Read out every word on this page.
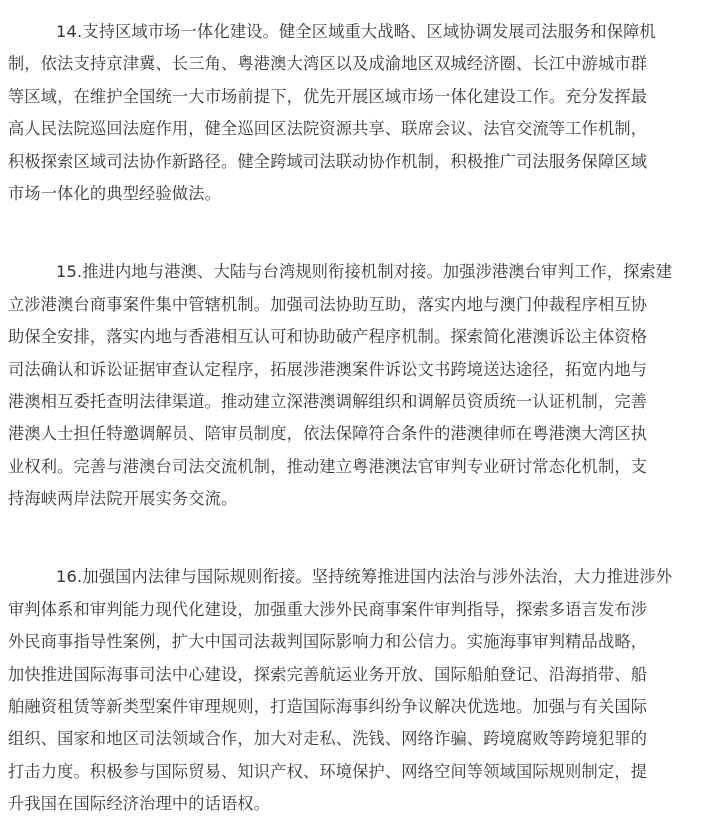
14.支持区域市场一体化建设。健全区域重大战略、区域协调发展司法服务和保障机
制，依法支持京津冀、长三角、粤港澳大湾区以及成渝地区双城经济圈、长江中游城市群
等区域，在维护全国统一大市场前提下，优先开展区域市场一体化建设工作。充分发挥最
高人民法院巡回法庭作用，健全巡回区法院资源共享、联席会议、法官交流等工作机制，
积极探索区域司法协作新路径。健全跨域司法联动协作机制，积极推广司法服务保障区域
市场一体化的典型经验做法。

15.推进内地与港澳、大陆与台湾规则衔接机制对接。加强涉港澳台审判工作，探索建
立涉港澳台商事案件集中管辖机制。加强司法协助互助，落实内地与澳门仲裁程序相互协
助保全安排，落实内地与香港相互认可和协助破产程序机制。探索简化港澳诉讼主体资格
司法确认和诉讼证据审查认定程序，拓展涉港澳案件诉讼文书跨境送达途径，拓宽内地与
港澳相互委托查明法律渠道。推动建立深港澳调解组织和调解员资质统一认证机制，完善
港澳人士担任特邀调解员、陪审员制度，依法保障符合条件的港澳律师在粤港澳大湾区执
业权利。完善与港澳台司法交流机制，推动建立粤港澳法官审判专业研讨常态化机制，支
持海峡两岸法院开展实务交流。

16.加强国内法律与国际规则衔接。坚持统筹推进国内法治与涉外法治，大力推进涉外
审判体系和审判能力现代化建设，加强重大涉外民商事案件审判指导，探索多语言发布涉
外民商事指导性案例，扩大中国司法裁判国际影响力和公信力。实施海事审判精品战略，
加快推进国际海事司法中心建设，探索完善航运业务开放、国际船舶登记、沿海捎带、船
舶融资租赁等新类型案件审理规则，打造国际海事纠纷争议解决优选地。加强与有关国际
组织、国家和地区司法领域合作，加大对走私、洗钱、网络诈骗、跨境腐败等跨境犯罪的
打击力度。积极参与国际贸易、知识产权、环境保护、网络空间等领域国际规则制定，提
升我国在国际经济治理中的话语权。
